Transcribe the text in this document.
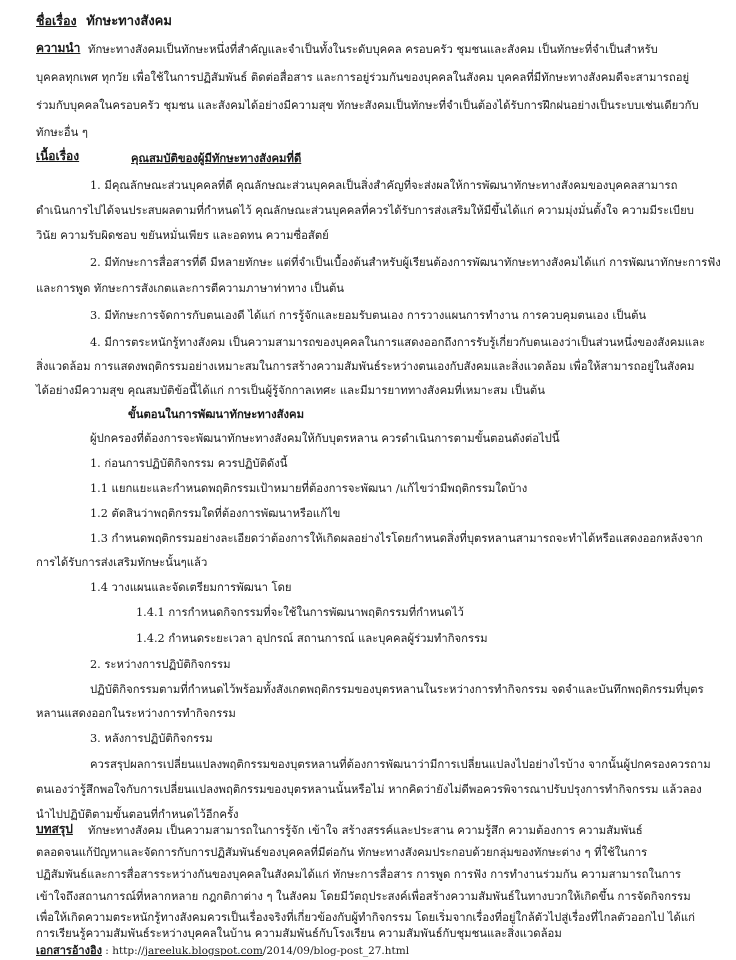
ชื่อเรื่อง ทักษะทางสังคม
ความนำ ทักษะทางสังคมเป็นทักษะหนึ่งที่สำคัญและจำเป็นทั้งในระดับบุคคล ครอบครัว ชุมชนและสังคม เป็นทักษะที่จำเป็นสำหรับ
บุคคลทุกเพศ ทุกวัย เพื่อใช้ในการปฏิสัมพันธ์ ติดต่อสื่อสาร และการอยู่ร่วมกันของบุคคลในสังคม บุคคลที่มีทักษะทางสังคมดีจะสามารถอยู่
ร่วมกับบุคคลในครอบครัว ชุมชน และสังคมได้อย่างมีความสุข ทักษะสังคมเป็นทักษะที่จำเป็นต้องได้รับการฝึกฝนอย่างเป็นระบบเช่นเดียวกับ
ทักษะอื่น ๆ
เนื้อเรื่อง	คุณสมบัติของผู้มีทักษะทางสังคมที่ดี
1. มีคุณลักษณะส่วนบุคคลที่ดี คุณลักษณะส่วนบุคคลเป็นสิ่งสำคัญที่จะส่งผลให้การพัฒนาทักษะทางสังคมของบุคคลสามารถ
ดำเนินการไปได้จนประสบผลตามที่กำหนดไว้ คุณลักษณะส่วนบุคคลที่ควรได้รับการส่งเสริมให้มีขึ้นได้แก่ ความมุ่งมั่นตั้งใจ ความมีระเบียบ
วินัย ความรับผิดชอบ ขยันหมั่นเพียร และอดทน ความซื่อสัตย์
2. มีทักษะการสื่อสารที่ดี มีหลายทักษะ แต่ที่จำเป็นเบื้องต้นสำหรับผู้เรียนต้องการพัฒนาทักษะทางสังคมได้แก่ การพัฒนาทักษะการฟัง
และการพูด ทักษะการสังเกตและการตีความภาษาท่าทาง เป็นต้น
3. มีทักษะการจัดการกับตนเองดี ได้แก่ การรู้จักและยอมรับตนเอง การวางแผนการทำงาน การควบคุมตนเอง เป็นต้น
4. มีการตระหนักรู้ทางสังคม เป็นความสามารถของบุคคลในการแสดงออกถึงการรับรู้เกี่ยวกับตนเองว่าเป็นส่วนหนึ่งของสังคมและ
สิ่งแวดล้อม การแสดงพฤติกรรมอย่างเหมาะสมในการสร้างความสัมพันธ์ระหว่างตนเองกับสังคมและสิ่งแวดล้อม เพื่อให้สามารถอยู่ในสังคม
ได้อย่างมีความสุข คุณสมบัติข้อนี้ได้แก่ การเป็นผู้รู้จักกาลเทศะ และมีมารยาททางสังคมที่เหมาะสม เป็นต้น
ขั้นตอนในการพัฒนาทักษะทางสังคม
ผู้ปกครองที่ต้องการจะพัฒนาทักษะทางสังคมให้กับบุตรหลาน ควรดำเนินการตามขั้นตอนดังต่อไปนี้
1. ก่อนการปฏิบัติกิจกรรม ควรปฏิบัติดังนี้
1.1 แยกแยะและกำหนดพฤติกรรมเป้าหมายที่ต้องการจะพัฒนา /แก้ไขว่ามีพฤติกรรมใดบ้าง
1.2 ตัดสินว่าพฤติกรรมใดที่ต้องการพัฒนาหรือแก้ไข
1.3 กำหนดพฤติกรรมอย่างละเอียดว่าต้องการให้เกิดผลอย่างไรโดยกำหนดสิ่งที่บุตรหลานสามารถจะทำได้หรือแสดงออกหลังจาก
การได้รับการส่งเสริมทักษะนั้นๆแล้ว
1.4 วางแผนและจัดเตรียมการพัฒนา โดย
1.4.1 การกำหนดกิจกรรมที่จะใช้ในการพัฒนาพฤติกรรมที่กำหนดไว้
1.4.2 กำหนดระยะเวลา อุปกรณ์ สถานการณ์ และบุคคลผู้ร่วมทำกิจกรรม
2. ระหว่างการปฏิบัติกิจกรรม
ปฏิบัติกิจกรรมตามที่กำหนดไว้พร้อมทั้งสังเกตพฤติกรรมของบุตรหลานในระหว่างการทำกิจกรรม จดจำและบันทึกพฤติกรรมที่บุตร
หลานแสดงออกในระหว่างการทำกิจกรรม
3. หลังการปฏิบัติกิจกรรม
ควรสรุปผลการเปลี่ยนแปลงพฤติกรรมของบุตรหลานที่ต้องการพัฒนาว่ามีการเปลี่ยนแปลงไปอย่างไรบ้าง จากนั้นผู้ปกครองควรถาม
ตนเองว่ารู้สึกพอใจกับการเปลี่ยนแปลงพฤติกรรมของบุตรหลานนั้นหรือไม่ หากคิดว่ายังไม่ดีพอควรพิจารณาปรับปรุงการทำกิจกรรม แล้วลอง
นำไปปฏิบัติตามขั้นตอนที่กำหนดไว้อีกครั้ง
บทสรุป ทักษะทางสังคม เป็นความสามารถในการรู้จัก เข้าใจ สร้างสรรค์และประสาน ความรู้สึก ความต้องการ ความสัมพันธ์
ตลอดจนแก้ปัญหาและจัดการกับการปฏิสัมพันธ์ของบุคคลที่มีต่อกัน ทักษะทางสังคมประกอบด้วยกลุ่มของทักษะต่าง ๆ ที่ใช้ในการ
ปฏิสัมพันธ์และการสื่อสารระหว่างกันของบุคคลในสังคมได้แก่ ทักษะการสื่อสาร การพูด การฟัง การทำงานร่วมกัน ความสามารถในการ
เข้าใจถึงสถานการณ์ที่หลากหลาย กฎกติกาต่าง ๆ ในสังคม โดยมีวัตถุประสงค์เพื่อสร้างความสัมพันธ์ในทางบวกให้เกิดขึ้น การจัดกิจกรรม
เพื่อให้เกิดความตระหนักรู้ทางสังคมควรเป็นเรื่องจริงที่เกี่ยวข้องกับผู้ทำกิจกรรม โดยเริ่มจากเรื่องที่อยู่ใกล้ตัวไปสู่เรื่องที่ไกลตัวออกไป ได้แก่
เอกสารอ้างอิง : http://jareeluk.blogspot.com/2014/09/blog-post_27.html
การเรียนรู้ความสัมพันธ์ระหว่างบุคคลในบ้าน ความสัมพันธ์กับโรงเรียน ความสัมพันธ์กับชุมชนและสิ่งแวดล้อม
